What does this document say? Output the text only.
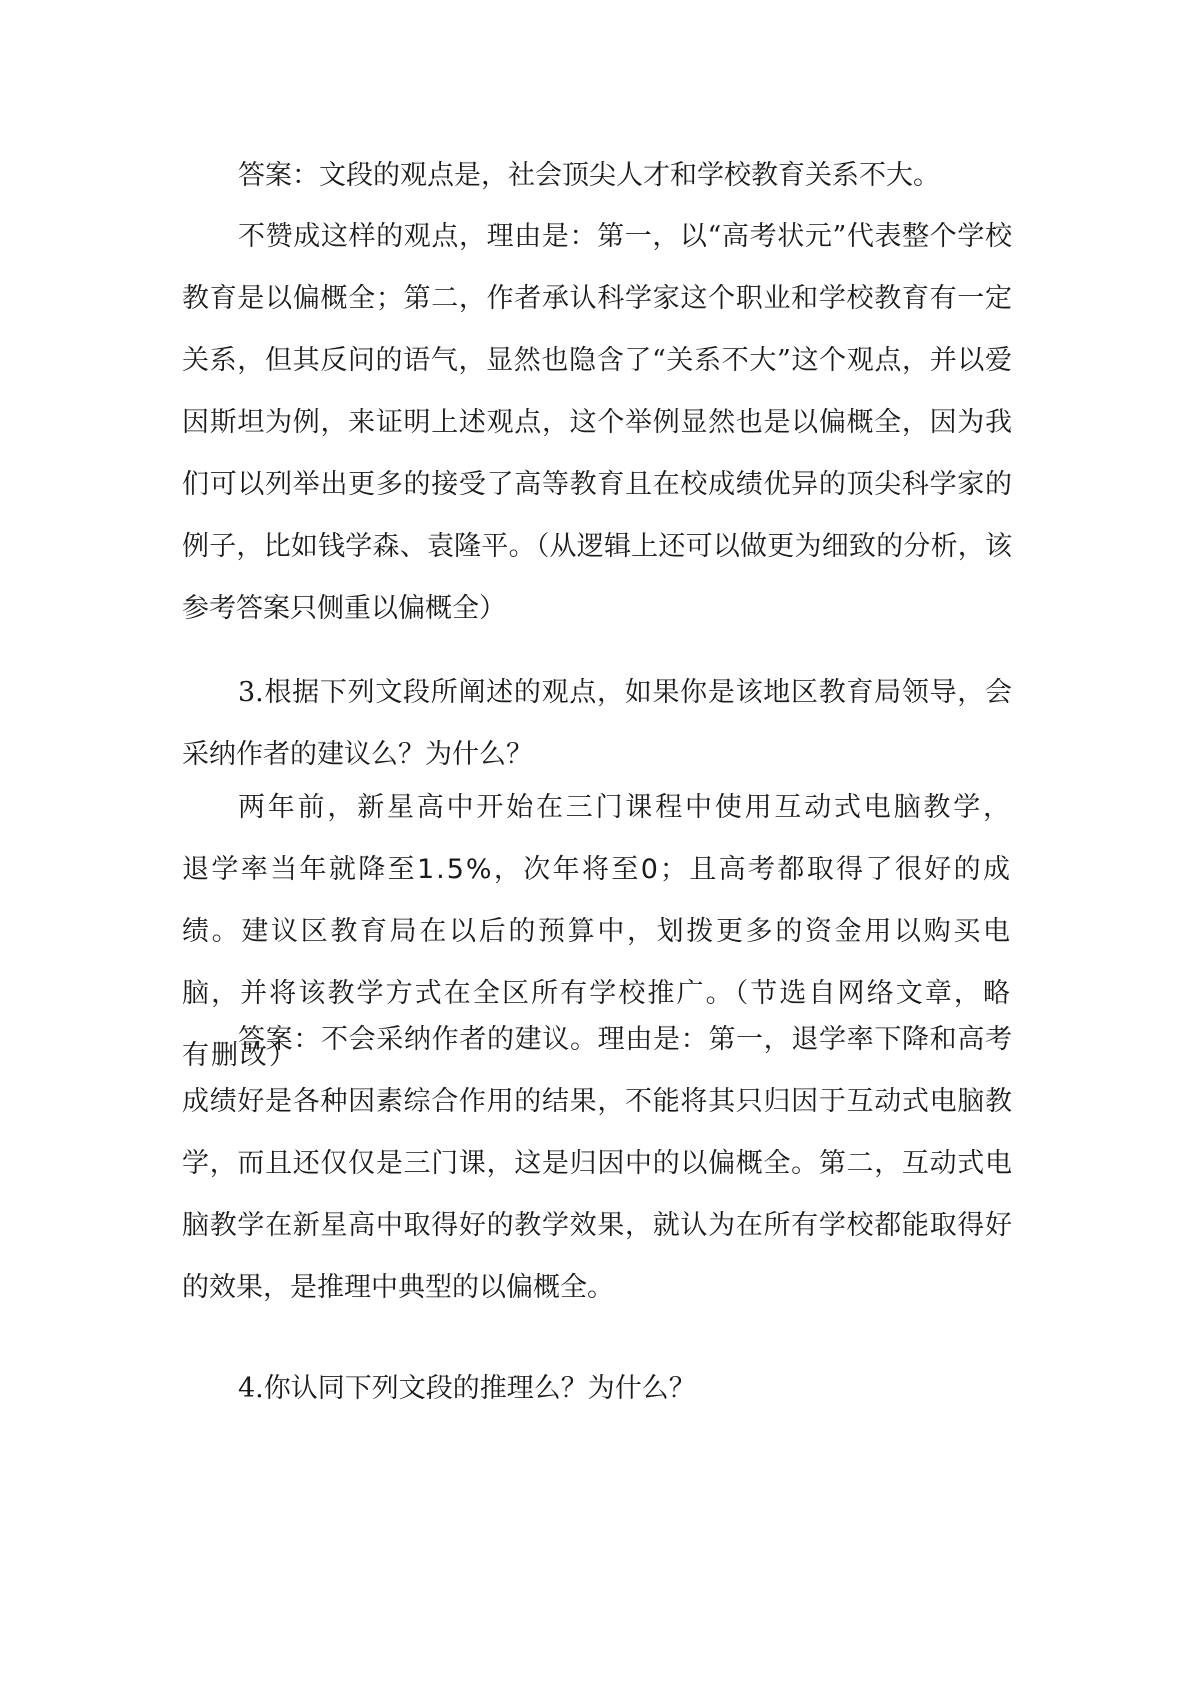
答案：文段的观点是，社会顶尖人才和学校教育关系不大。

不赞成这样的观点，理由是：第一，以“高考状元”代表整个学校教育是以偏概全；第二，作者承认科学家这个职业和学校教育有一定关系，但其反问的语气，显然也隐含了“关系不大”这个观点，并以爱因斯坦为例，来证明上述观点，这个举例显然也是以偏概全，因为我们可以列举出更多的接受了高等教育且在校成绩优异的顶尖科学家的例子，比如钱学森、袁隆平。（从逻辑上还可以做更为细致的分析，该参考答案只侧重以偏概全）

3.根据下列文段所阐述的观点，如果你是该地区教育局领导，会采纳作者的建议么？为什么？

两年前，新星高中开始在三门课程中使用互动式电脑教学，退学率当年就降至1.5%，次年将至0；且高考都取得了很好的成绩。建议区教育局在以后的预算中，划拨更多的资金用以购买电脑，并将该教学方式在全区所有学校推广。（节选自网络文章，略有删改）

答案：不会采纳作者的建议。理由是：第一，退学率下降和高考成绩好是各种因素综合作用的结果，不能将其只归因于互动式电脑教学，而且还仅仅是三门课，这是归因中的以偏概全。第二，互动式电脑教学在新星高中取得好的教学效果，就认为在所有学校都能取得好的效果，是推理中典型的以偏概全。

4.你认同下列文段的推理么？为什么？
